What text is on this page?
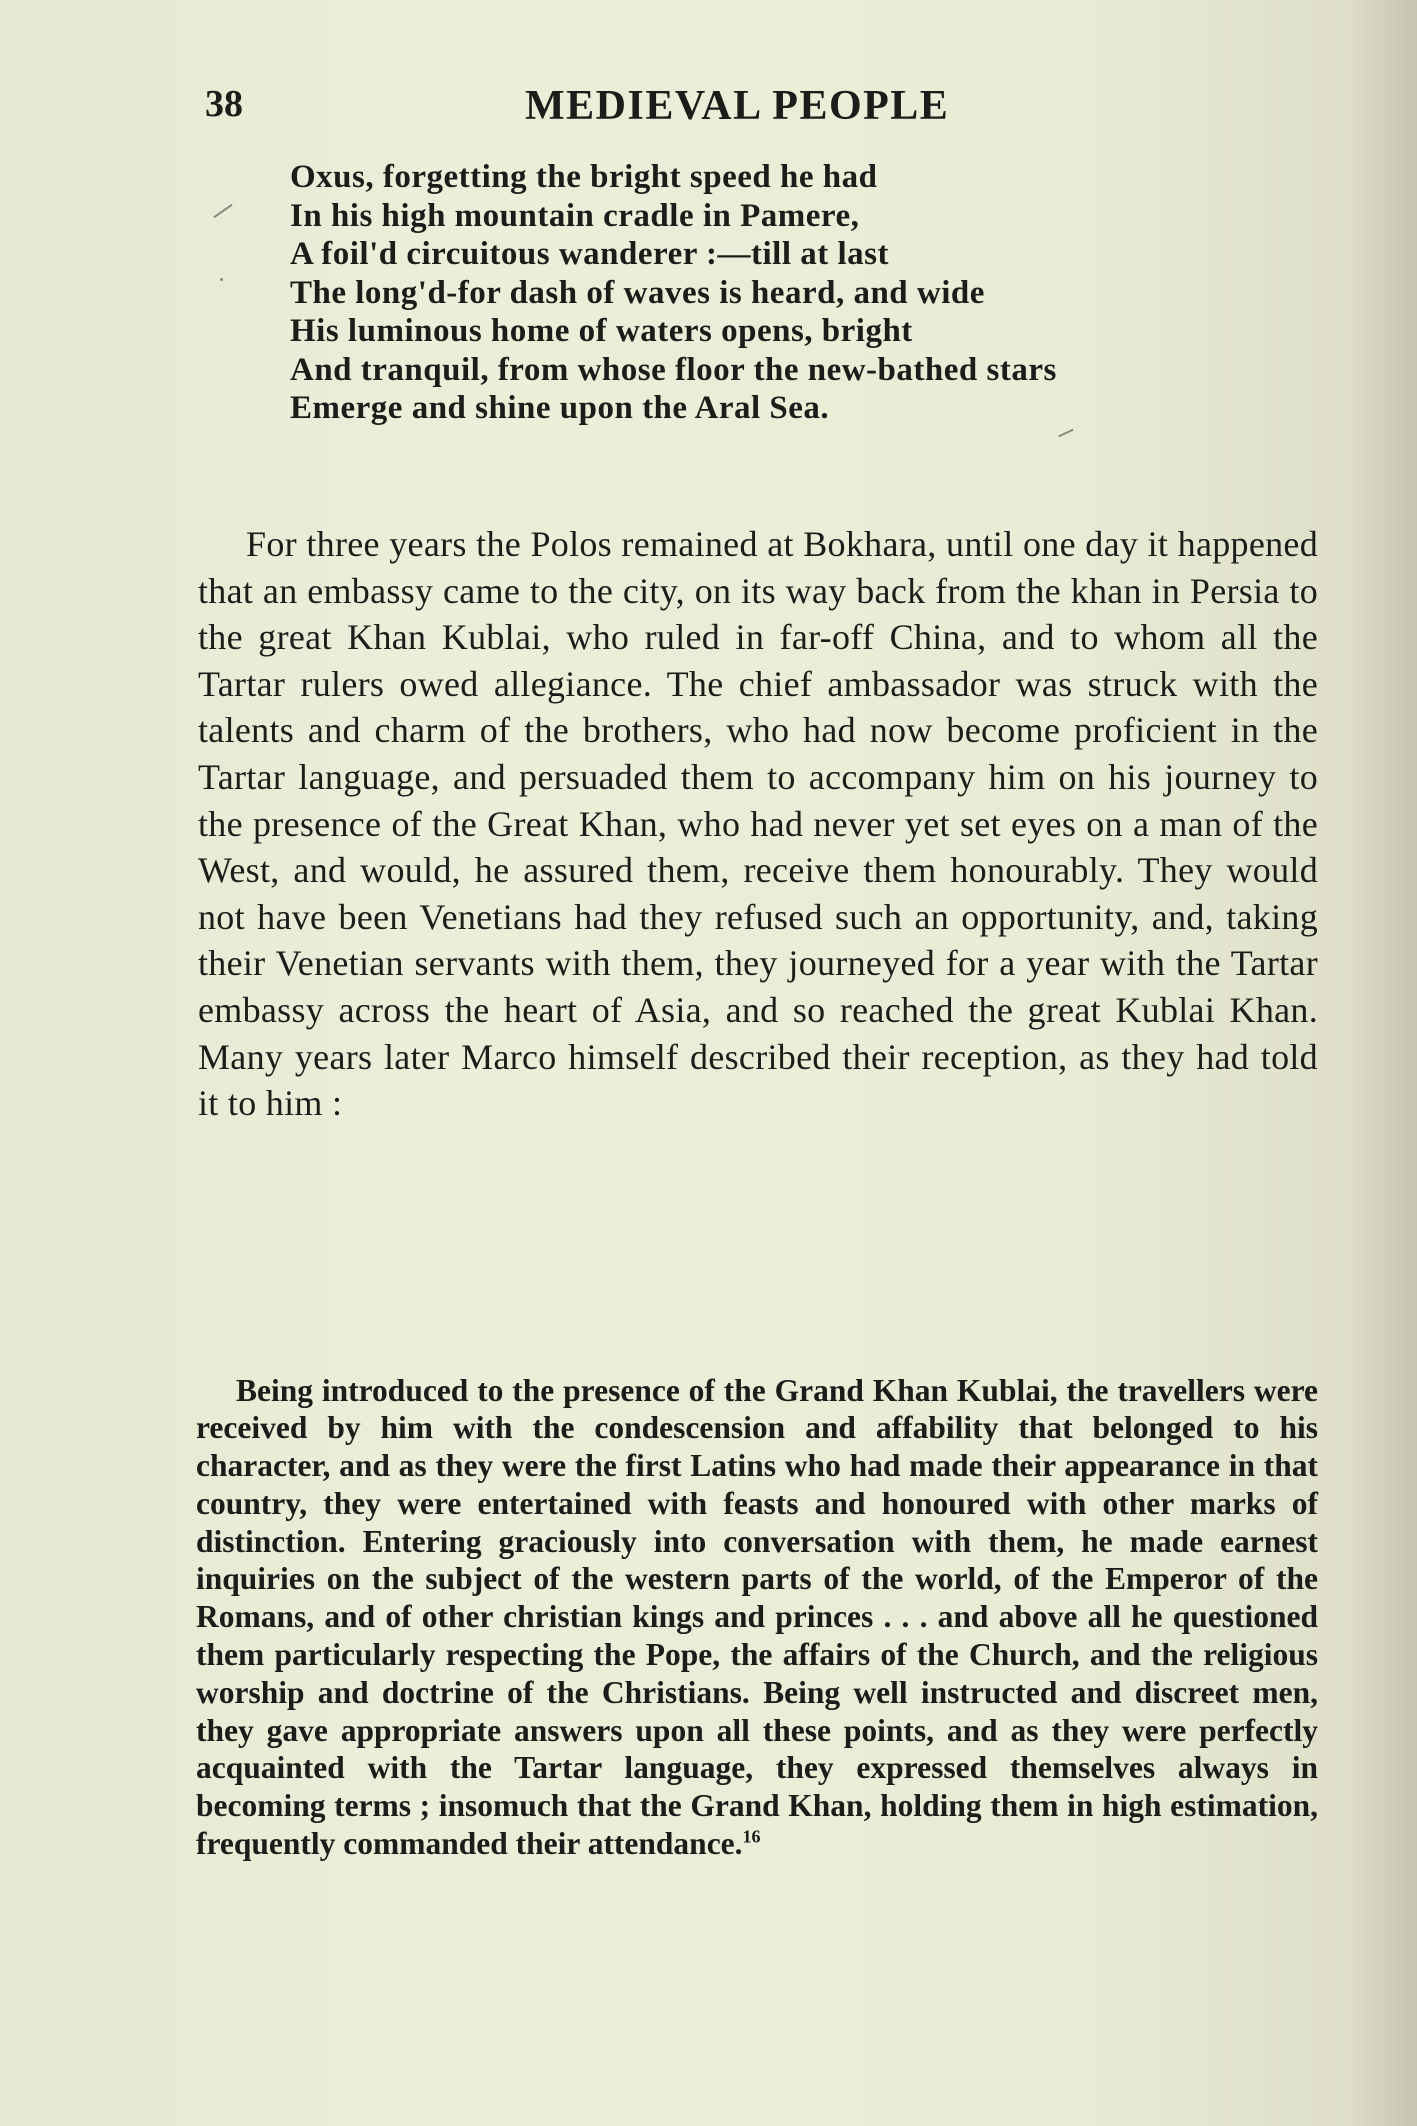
38	MEDIEVAL PEOPLE
Oxus, forgetting the bright speed he had
In his high mountain cradle in Pamere,
A foil'd circuitous wanderer :—till at last
The long'd-for dash of waves is heard, and wide
His luminous home of waters opens, bright
And tranquil, from whose floor the new-bathed stars
Emerge and shine upon the Aral Sea.

For three years the Polos remained at Bokhara, until one day it happened that an embassy came to the city, on its way back from the khan in Persia to the great Khan Kublai, who ruled in far-off China, and to whom all the Tartar rulers owed allegiance. The chief ambassador was struck with the talents and charm of the brothers, who had now become proficient in the Tartar language, and persuaded them to accompany him on his journey to the presence of the Great Khan, who had never yet set eyes on a man of the West, and would, he assured them, receive them honourably. They would not have been Venetians had they refused such an opportunity, and, taking their Venetian servants with them, they journeyed for a year with the Tartar embassy across the heart of Asia, and so reached the great Kublai Khan. Many years later Marco himself described their reception, as they had told it to him :

Being introduced to the presence of the Grand Khan Kublai, the travellers were received by him with the condescension and affability that belonged to his character, and as they were the first Latins who had made their appearance in that country, they were entertained with feasts and honoured with other marks of distinction. Entering graciously into conversation with them, he made earnest inquiries on the subject of the western parts of the world, of the Emperor of the Romans, and of other christian kings and princes . . . and above all he questioned them particularly respecting the Pope, the affairs of the Church, and the religious worship and doctrine of the Christians. Being well instructed and discreet men, they gave appropriate answers upon all these points, and as they were perfectly acquainted with the Tartar language, they expressed themselves always in becoming terms ; insomuch that the Grand Khan, holding them in high estimation, frequently commanded their attendance.$^{16}$
